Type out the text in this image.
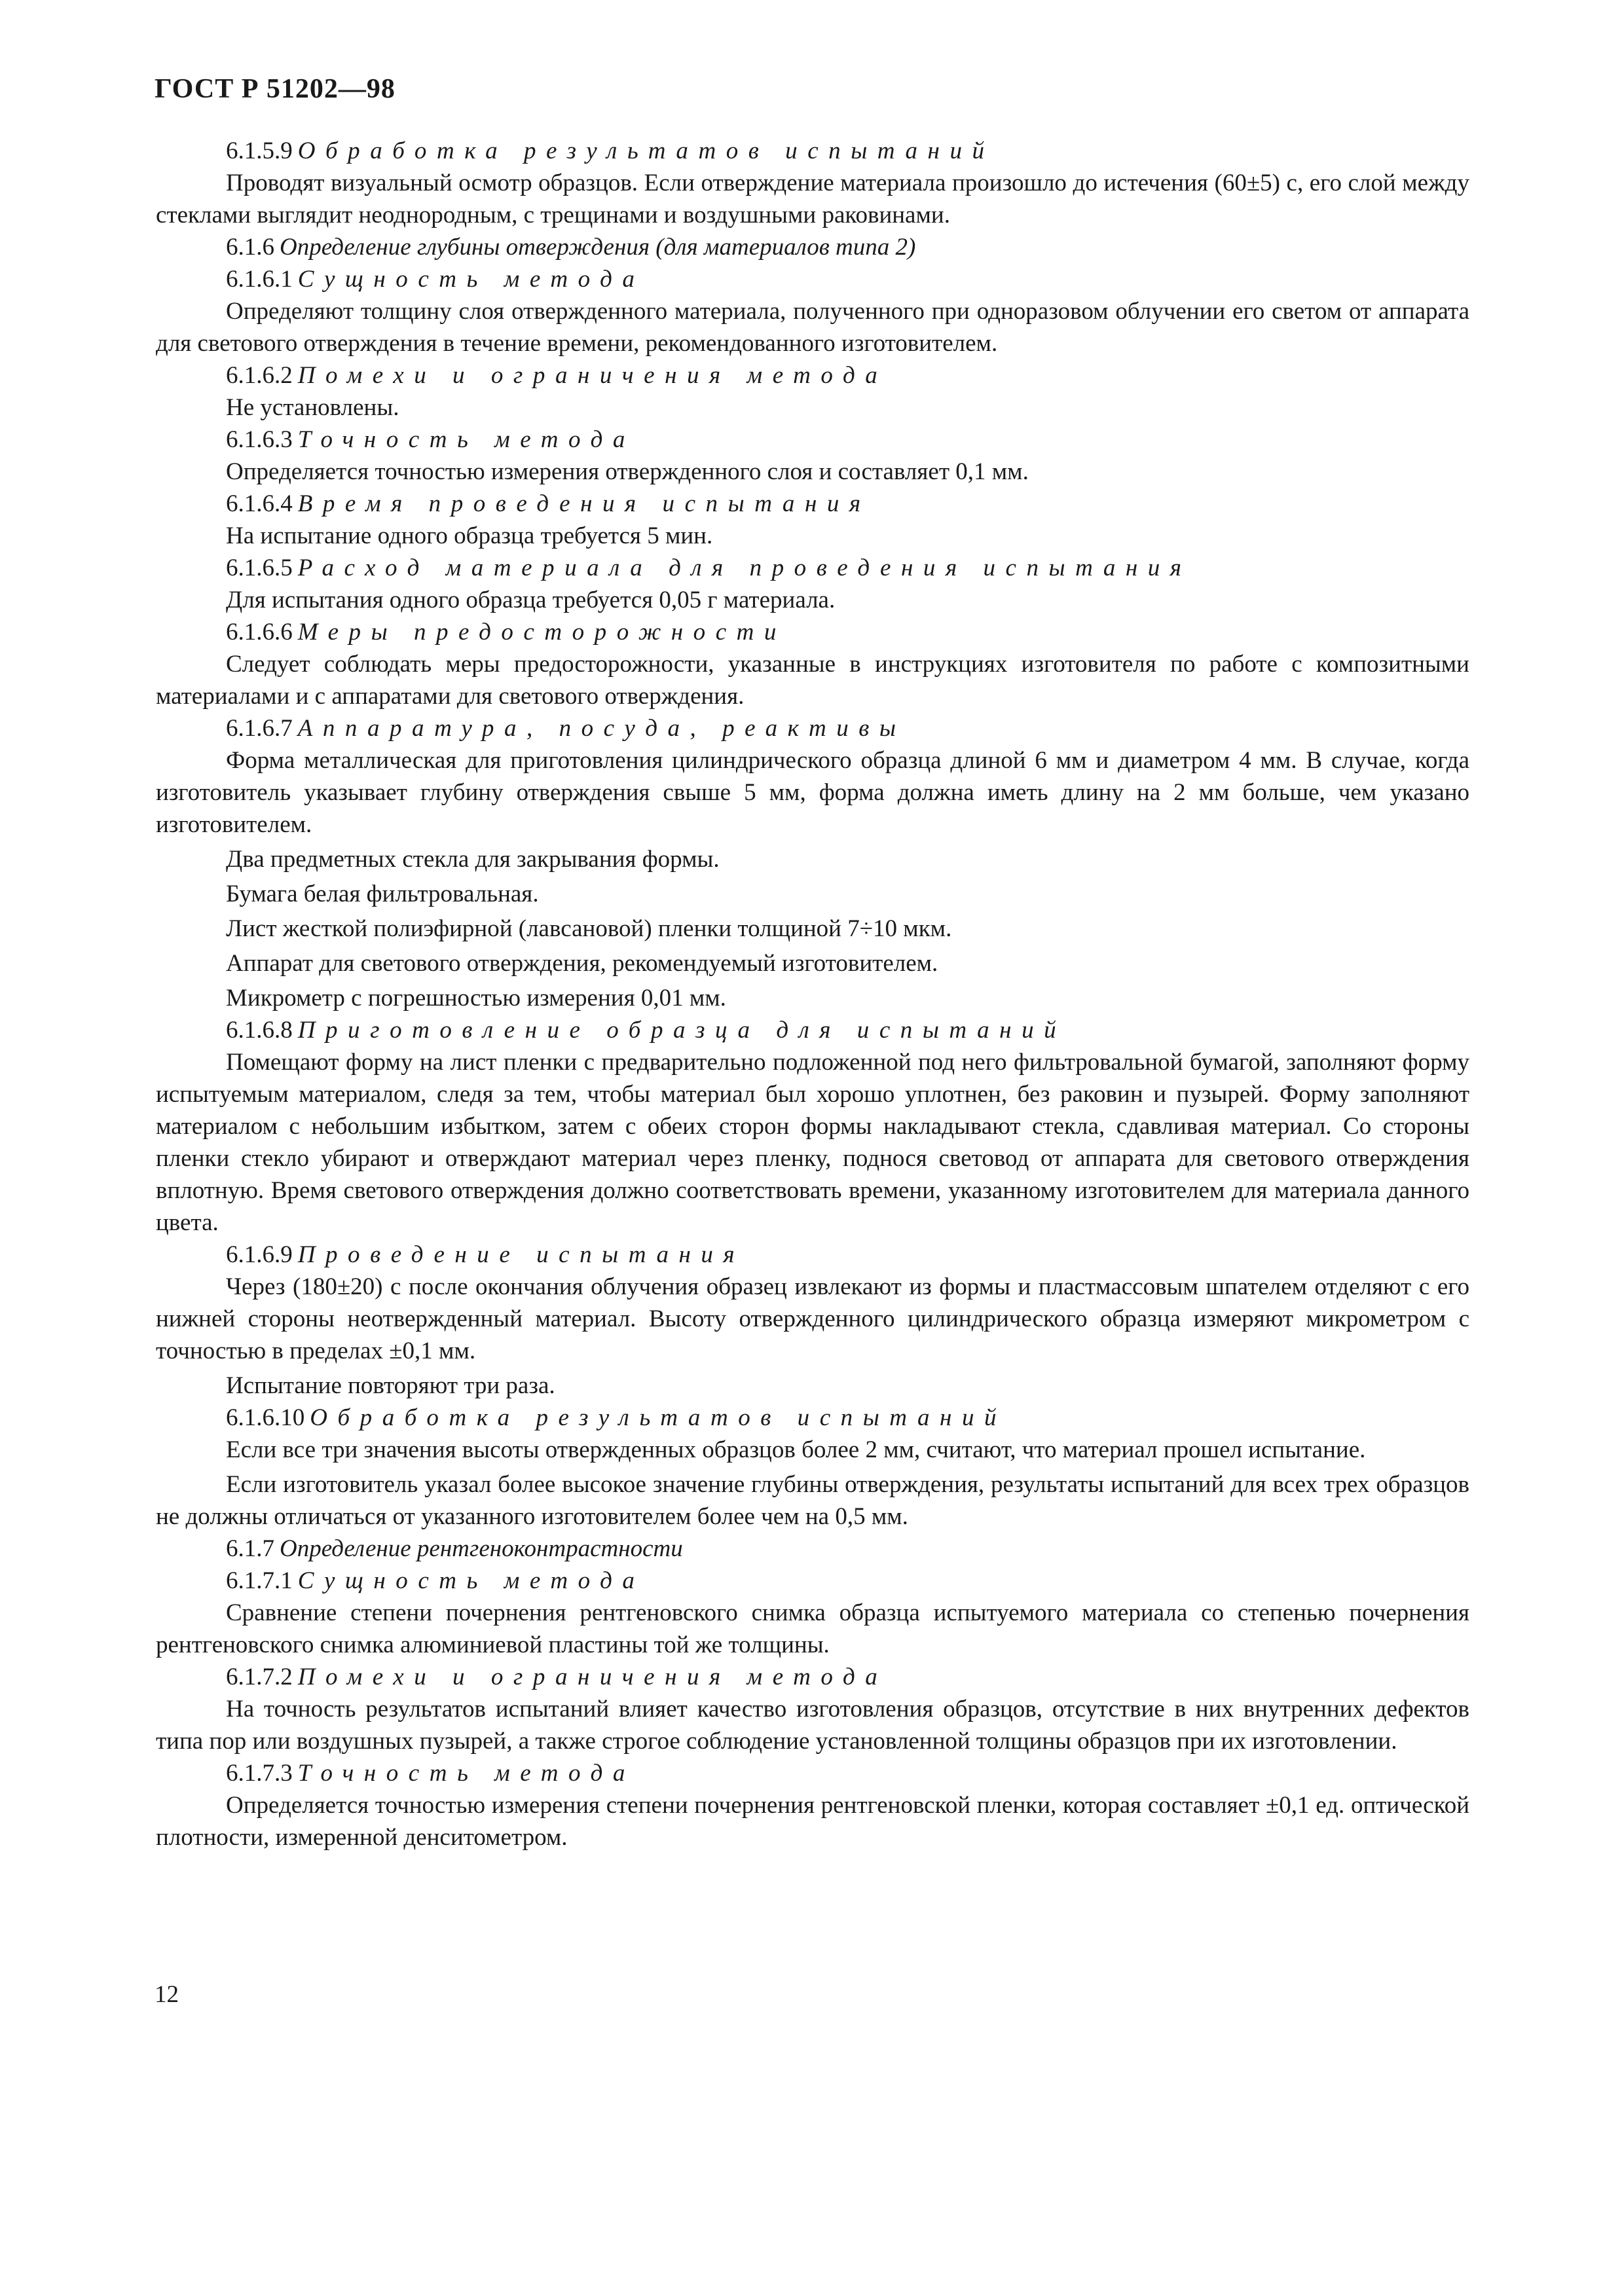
ГОСТ Р 51202—98
6.1.5.9 Обработка результатов испытаний
Проводят визуальный осмотр образцов. Если отверждение материала произошло до истечения (60±5) с, его слой между стеклами выглядит неоднородным, с трещинами и воздушными раковинами.
6.1.6 Определение глубины отверждения (для материалов типа 2)
6.1.6.1 Сущность метода
Определяют толщину слоя отвержденного материала, полученного при одноразовом облучении его светом от аппарата для светового отверждения в течение времени, рекомендованного изготовителем.
6.1.6.2 Помехи и ограничения метода
Не установлены.
6.1.6.3 Точность метода
Определяется точностью измерения отвержденного слоя и составляет 0,1 мм.
6.1.6.4 Время проведения испытания
На испытание одного образца требуется 5 мин.
6.1.6.5 Расход материала для проведения испытания
Для испытания одного образца требуется 0,05 г материала.
6.1.6.6 Меры предосторожности
Следует соблюдать меры предосторожности, указанные в инструкциях изготовителя по работе с композитными материалами и с аппаратами для светового отверждения.
6.1.6.7 Аппаратура, посуда, реактивы
Форма металлическая для приготовления цилиндрического образца длиной 6 мм и диаметром 4 мм. В случае, когда изготовитель указывает глубину отверждения свыше 5 мм, форма должна иметь длину на 2 мм больше, чем указано изготовителем.
Два предметных стекла для закрывания формы.
Бумага белая фильтровальная.
Лист жесткой полиэфирной (лавсановой) пленки толщиной 7÷10 мкм.
Аппарат для светового отверждения, рекомендуемый изготовителем.
Микрометр с погрешностью измерения 0,01 мм.
6.1.6.8 Приготовление образца для испытаний
Помещают форму на лист пленки с предварительно подложенной под него фильтровальной бумагой, заполняют форму испытуемым материалом, следя за тем, чтобы материал был хорошо уплотнен, без раковин и пузырей. Форму заполняют материалом с небольшим избытком, затем с обеих сторон формы накладывают стекла, сдавливая материал. Со стороны пленки стекло убирают и отверждают материал через пленку, поднося световод от аппарата для светового отверждения вплотную. Время светового отверждения должно соответствовать времени, указанному изготовителем для материала данного цвета.
6.1.6.9 Проведение испытания
Через (180±20) с после окончания облучения образец извлекают из формы и пластмассовым шпателем отделяют с его нижней стороны неотвержденный материал. Высоту отвержденного цилиндрического образца измеряют микрометром с точностью в пределах ±0,1 мм.
Испытание повторяют три раза.
6.1.6.10 Обработка результатов испытаний
Если все три значения высоты отвержденных образцов более 2 мм, считают, что материал прошел испытание.
Если изготовитель указал более высокое значение глубины отверждения, результаты испытаний для всех трех образцов не должны отличаться от указанного изготовителем более чем на 0,5 мм.
6.1.7 Определение рентгеноконтрастности
6.1.7.1 Сущность метода
Сравнение степени почернения рентгеновского снимка образца испытуемого материала со степенью почернения рентгеновского снимка алюминиевой пластины той же толщины.
6.1.7.2 Помехи и ограничения метода
На точность результатов испытаний влияет качество изготовления образцов, отсутствие в них внутренних дефектов типа пор или воздушных пузырей, а также строгое соблюдение установленной толщины образцов при их изготовлении.
6.1.7.3 Точность метода
Определяется точностью измерения степени почернения рентгеновской пленки, которая составляет ±0,1 ед. оптической плотности, измеренной денситометром.
12
